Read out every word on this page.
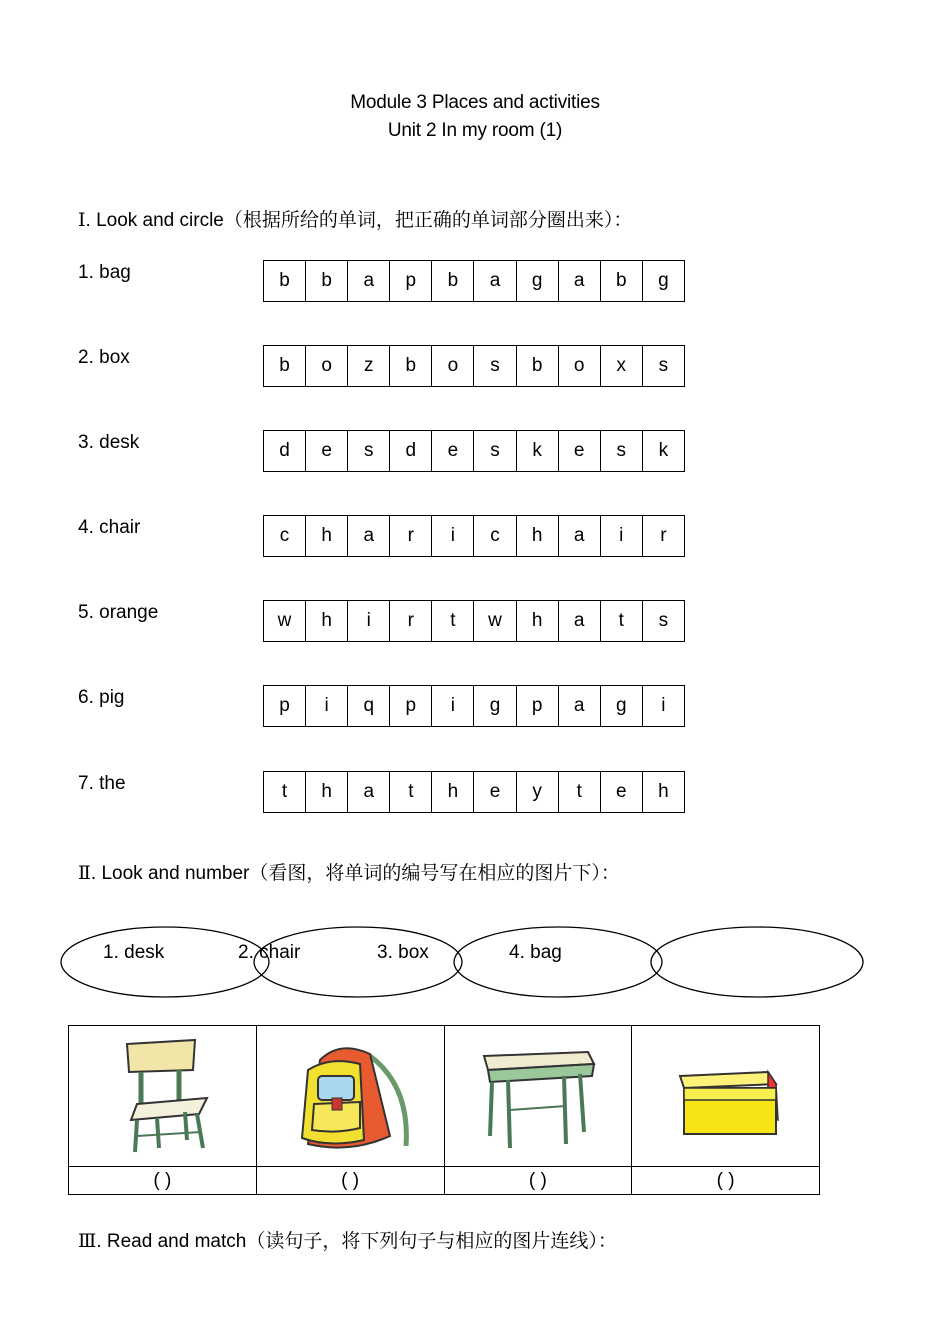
Module 3 Places and activities
Unit 2 In my room (1)
Ⅰ. Look and circle（根据所给的单词，把正确的单词部分圈出来）：
1. bag	b	b	a	p	b	a	g	a	b	g
2. box	b	o	z	b	o	s	b	o	x	s
3. desk	d	e	s	d	e	s	k	e	s	k
4. chair	c	h	a	r	i	c	h	a	i	r
5. orange	w	h	i	r	t	w	h	a	t	s
6. pig	p	i	q	p	i	g	p	a	g	i
7. the	t	h	a	t	h	e	y	t	e	h
Ⅱ. Look and number（看图，将单词的编号写在相应的图片下）：
1. desk	2. chair	3. box	4. bag
( )	( )	( )	( )
Ⅲ. Read and match（读句子，将下列句子与相应的图片连线）：
